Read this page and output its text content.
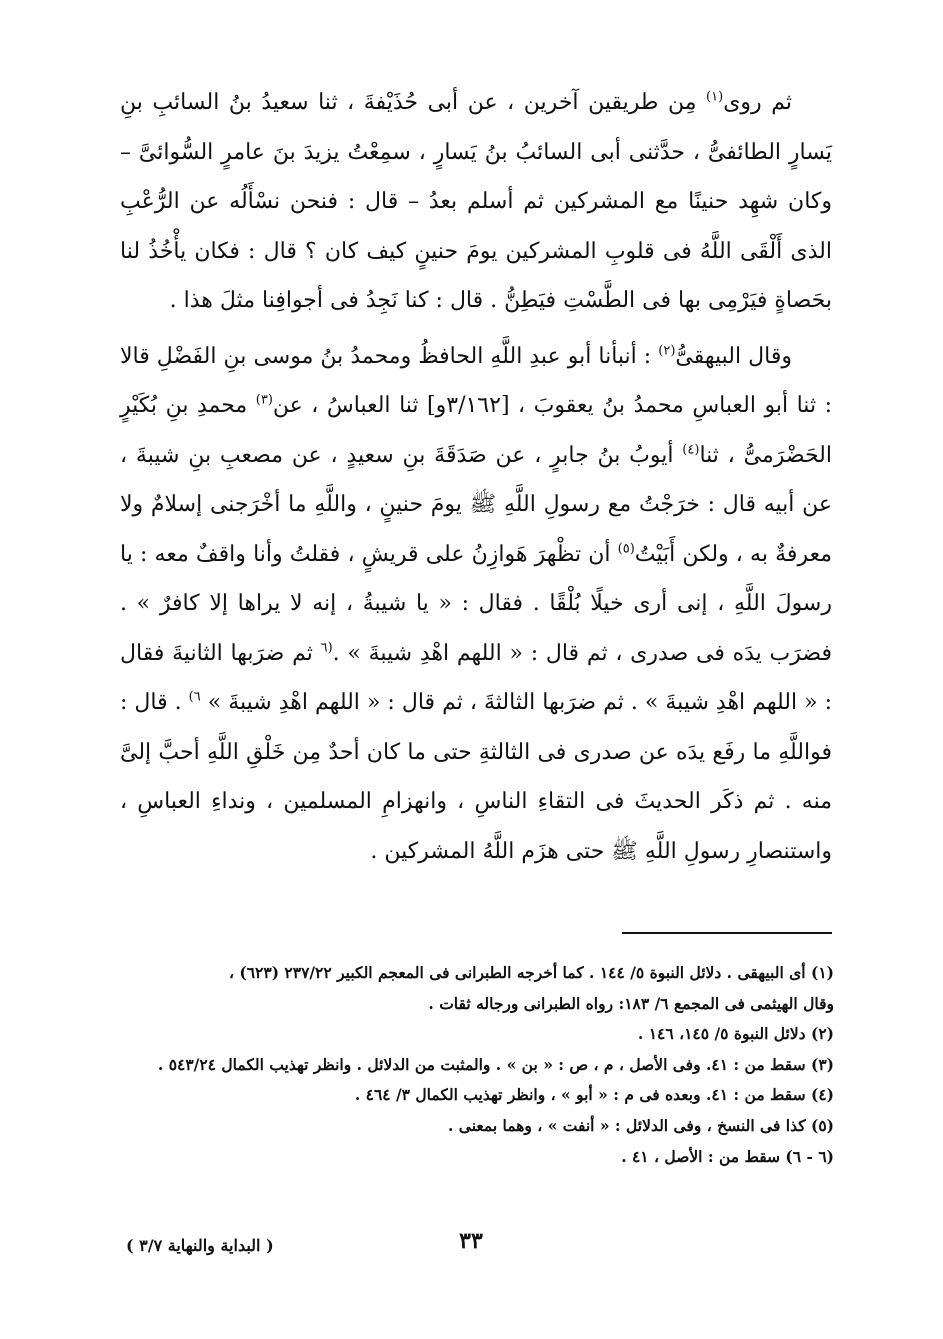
ثم روى$^{(١)}$ مِن طريقين آخرين ، عن أبى حُذَيْفةَ ، ثنا سعيدُ بنُ السائبِ بنِ يَسارٍ الطائفىُّ ، حدَّثنى أبى السائبُ بنُ يَسارٍ ، سمِعْتُ يزيدَ بنَ عامرٍ السُّوائىَّ – وكان شهِد حنينًا مع المشركين ثم أسلم بعدُ – قال : فنحن نسْأَلُه عن الرُّعْبِ الذى أَلْقَى اللَّهُ فى قلوبِ المشركين يومَ حنينٍ كيف كان ؟ قال : فكان يأْخُذُ لنا بحَصاةٍ فيَرْمِى بها فى الطَّسْتِ فيَطِنُّ . قال : كنا نَجِدُ فى أجوافِنا مثلَ هذا .

وقال البيهقىُّ$^{(٢)}$ : أنبأنا أبو عبدِ اللَّهِ الحافظُ ومحمدُ بنُ موسى بنِ الفَضْلِ قالا : ثنا أبو العباسِ محمدُ بنُ يعقوبَ ، [٣/١٦٢و] ثنا العباسُ ، عن$^{(٣)}$ محمدِ بنِ بُكَيْرٍ الحَضْرَمىُّ ، ثنا$^{(٤)}$ أيوبُ بنُ جابرٍ ، عن صَدَقَةَ بنِ سعيدٍ ، عن مصعبِ بنِ شيبةَ ، عن أبيه قال : خرَجْتُ مع رسولِ اللَّهِ ﷺ يومَ حنينٍ ، واللَّهِ ما أخْرَجنى إسلامٌ ولا معرفةٌ به ، ولكن أَبَيْتُ$^{(٥)}$ أن تظْهرَ هَوازِنُ على قريشٍ ، فقلتُ وأنا واقفٌ معه : يا رسولَ اللَّهِ ، إنى أرى خيلًا بُلْقًا . فقال : « يا شيبةُ ، إنه لا يراها إلا كافرٌ » . فضرَب يدَه فى صدرى ، ثم قال : « اللهم اهْدِ شيبةَ » .$^{(٦}$ ثم ضرَبها الثانيةَ فقال : « اللهم اهْدِ شيبةَ » . ثم ضرَبها الثالثةَ ، ثم قال : « اللهم اهْدِ شيبةَ » $^{٦)}$ . قال : فواللَّهِ ما رفَع يدَه عن صدرى فى الثالثةِ حتى ما كان أحدٌ مِن خَلْقِ اللَّهِ أحبَّ إلىَّ منه . ثم ذكَر الحديثَ فى التقاءِ الناسِ ، وانهزامِ المسلمين ، ونداءِ العباسِ ، واستنصارِ رسولِ اللَّهِ ﷺ حتى هزَم اللَّهُ المشركين .

(١) أى البيهقى . دلائل النبوة ٥/ ١٤٤ . كما أخرجه الطبرانى فى المعجم الكبير ٢٣٧/٢٢ (٦٢٣) ،

وقال الهيثمى فى المجمع ٦/ ١٨٣: رواه الطبرانى ورجاله ثقات .

(٢) دلائل النبوة ٥/ ١٤٥، ١٤٦ .

(٣) سقط من : ٤١. وفى الأصل ، م ، ص : « بن » . والمثبت من الدلائل . وانظر تهذيب الكمال ٥٤٣/٢٤ .

(٤) سقط من : ٤١. وبعده فى م : « أبو » ، وانظر تهذيب الكمال ٣/ ٤٦٤ .

(٥) كذا فى النسخ ، وفى الدلائل : « أنفت » ، وهما بمعنى .

(٦ - ٦) سقط من : الأصل ، ٤١ .

٣٣
( البداية والنهاية ٣/٧ )
